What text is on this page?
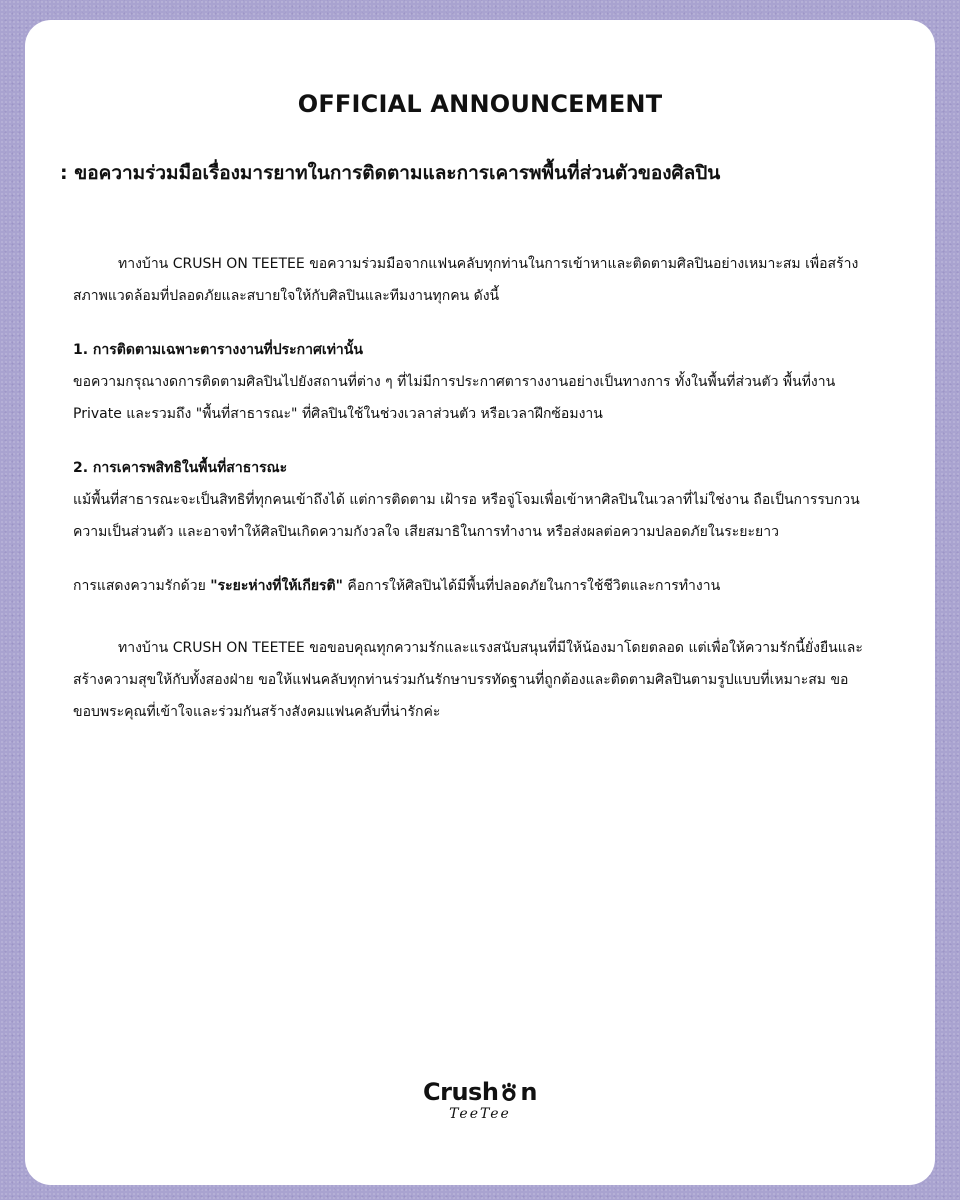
OFFICIAL ANNOUNCEMENT
: ขอความร่วมมือเรื่องมารยาทในการติดตามและการเคารพพื้นที่ส่วนตัวของศิลปิน

ทางบ้าน CRUSH ON TEETEE ขอความร่วมมือจากแฟนคลับทุกท่านในการเข้าหาและติดตามศิลปินอย่างเหมาะสม เพื่อสร้างสภาพแวดล้อมที่ปลอดภัยและสบายใจให้กับศิลปินและทีมงานทุกคน ดังนี้

1. การติดตามเฉพาะตารางงานที่ประกาศเท่านั้น

ขอความกรุณางดการติดตามศิลปินไปยังสถานที่ต่าง ๆ ที่ไม่มีการประกาศตารางงานอย่างเป็นทางการ ทั้งในพื้นที่ส่วนตัว พื้นที่งาน Private และรวมถึง "พื้นที่สาธารณะ" ที่ศิลปินใช้ในช่วงเวลาส่วนตัว หรือเวลาฝึกซ้อมงาน

2. การเคารพสิทธิในพื้นที่สาธารณะ

แม้พื้นที่สาธารณะจะเป็นสิทธิที่ทุกคนเข้าถึงได้ แต่การติดตาม เฝ้ารอ หรือจู่โจมเพื่อเข้าหาศิลปินในเวลาที่ไม่ใช่งาน ถือเป็นการรบกวนความเป็นส่วนตัว และอาจทำให้ศิลปินเกิดความกังวลใจ เสียสมาธิในการทำงาน หรือส่งผลต่อความปลอดภัยในระยะยาว

การแสดงความรักด้วย "ระยะห่างที่ให้เกียรติ" คือการให้ศิลปินได้มีพื้นที่ปลอดภัยในการใช้ชีวิตและการทำงาน

ทางบ้าน CRUSH ON TEETEE ขอขอบคุณทุกความรักและแรงสนับสนุนที่มีให้น้องมาโดยตลอด แต่เพื่อให้ความรักนี้ยั่งยืนและสร้างความสุขให้กับทั้งสองฝ่าย ขอให้แฟนคลับทุกท่านร่วมกันรักษาบรรทัดฐานที่ถูกต้องและติดตามศิลปินตามรูปแบบที่เหมาะสม ขอขอบพระคุณที่เข้าใจและร่วมกันสร้างสังคมแฟนคลับที่น่ารักค่ะ

Crush n
TeeTee
